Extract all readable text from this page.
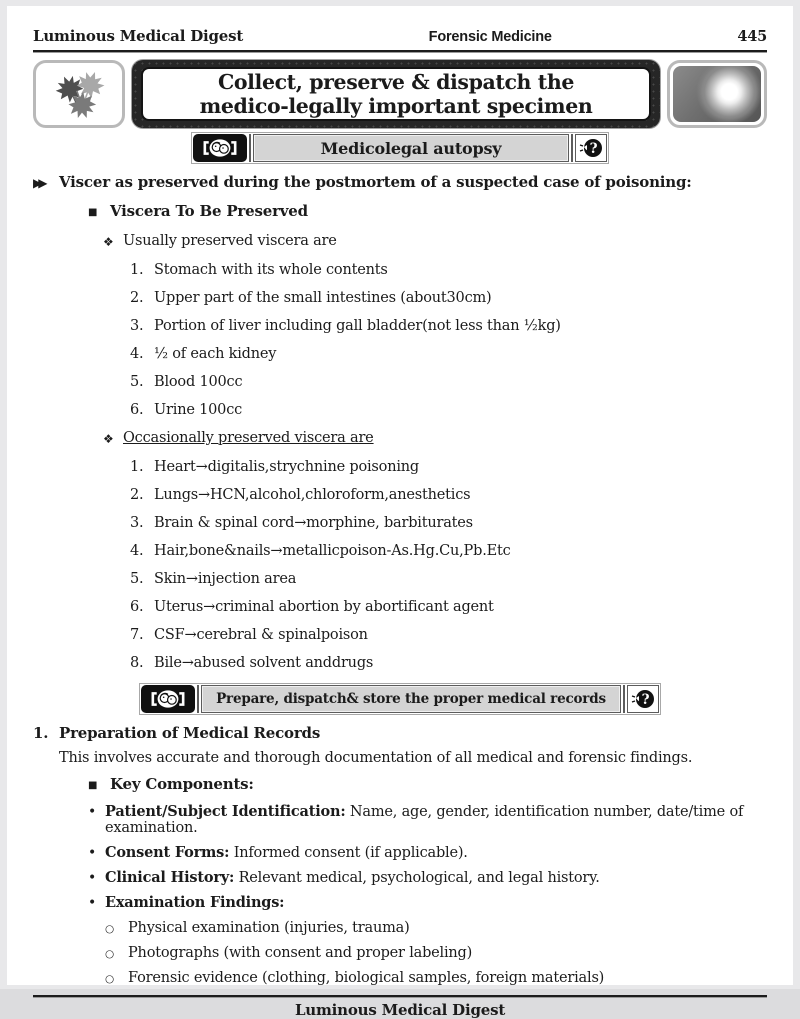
Luminous Medical Digest	Forensic Medicine	445
Collect, preserve & dispatch the
medico-legally important specimen
Medicolegal autopsy	?
▶▶	Viscer as preserved during the postmortem of a suspected case of poisoning:
■ Viscera To Be Preserved
❖ Usually preserved viscera are
1. Stomach with its whole contents
2. Upper part of the small intestines (about30cm)
3. Portion of liver including gall bladder(not less than ½kg)
4. ½ of each kidney
5. Blood 100cc
6. Urine 100cc
❖ Occasionally preserved viscera are
1. Heart→digitalis,strychnine poisoning
2. Lungs→HCN,alcohol,chloroform,anesthetics
3. Brain & spinal cord→morphine, barbiturates
4. Hair,bone&nails→metallicpoison-As.Hg.Cu,Pb.Etc
5. Skin→injection area
6. Uterus→criminal abortion by abortificant agent
7. CSF→cerebral & spinalpoison
8. Bile→abused solvent anddrugs
Prepare, dispatch& store the proper medical records	?
1. Preparation of Medical Records
This involves accurate and thorough documentation of all medical and forensic findings.
■ Key Components:
• Patient/Subject Identification: Name, age, gender, identification number, date/time of examination.
• Consent Forms: Informed consent (if applicable).
• Clinical History: Relevant medical, psychological, and legal history.
• Examination Findings:
○ Physical examination (injuries, trauma)
○ Photographs (with consent and proper labeling)
○ Forensic evidence (clothing, biological samples, foreign materials)
Luminous Medical Digest
